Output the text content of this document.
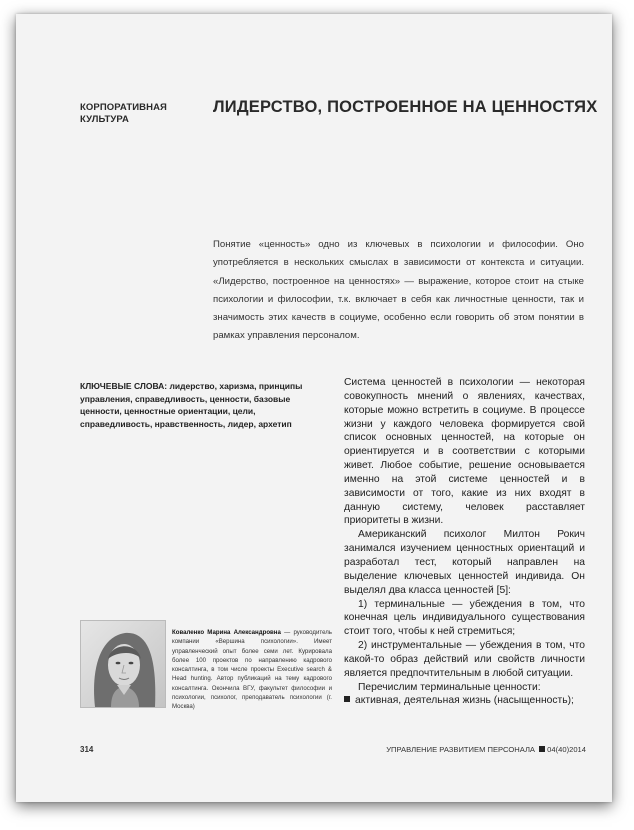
КОРПОРАТИВНАЯ
КУЛЬТУРА
ЛИДЕРСТВО, ПОСТРОЕННОЕ НА ЦЕННОСТЯХ
Понятие «ценность» одно из ключевых в психологии и философии. Оно употребляется в нескольких смыслах в зависимости от контекста и ситуации. «Лидерство, построенное на ценностях» — выражение, которое стоит на стыке психологии и философии, т.к. включает в себя как личностные ценности, так и значимость этих качеств в социуме, особенно если говорить об этом понятии в рамках управления персоналом.
КЛЮЧЕВЫЕ СЛОВА: лидерство, харизма, принципы управления, справедливость, ценности, базовые ценности, ценностные ориентации, цели, справедливость, нравственность, лидер, архетип

Система ценностей в психологии — некоторая совокупность мнений о явлениях, качествах, которые можно встретить в социуме. В процессе жизни у каждого человека формируется свой список основных ценностей, на которые он ориентируется и в соответствии с которыми живет. Любое событие, решение основывается именно на этой системе ценностей и в зависимости от того, какие из них входят в данную систему, человек расставляет приоритеты в жизни.

Американский психолог Милтон Рокич занимался изучением ценностных ориентаций и разработал тест, который направлен на выделение ключевых ценностей индивида. Он выделял два класса ценностей [5]:

1) терминальные — убеждения в том, что конечная цель индивидуального существования стоит того, чтобы к ней стремиться;

2) инструментальные — убеждения в том, что какой-то образ действий или свойств личности является предпочтительным в любой ситуации.

Перечислим терминальные ценности:

активная, деятельная жизнь (насыщенность);

Коваленко Марина Александровна — руководитель компании «Вершина психологии». Имеет управленческий опыт более семи лет. Курировала более 100 проектов по направлению кадрового консалтинга, в том числе проекты Executive search & Head hunting. Автор публикаций на тему кадрового консалтинга. Окончила ВГУ, факультет философии и психологии, психолог, преподаватель психологии (г. Москва)
314	УПРАВЛЕНИЕ РАЗВИТИЕМ ПЕРСОНАЛА 04(40)2014
